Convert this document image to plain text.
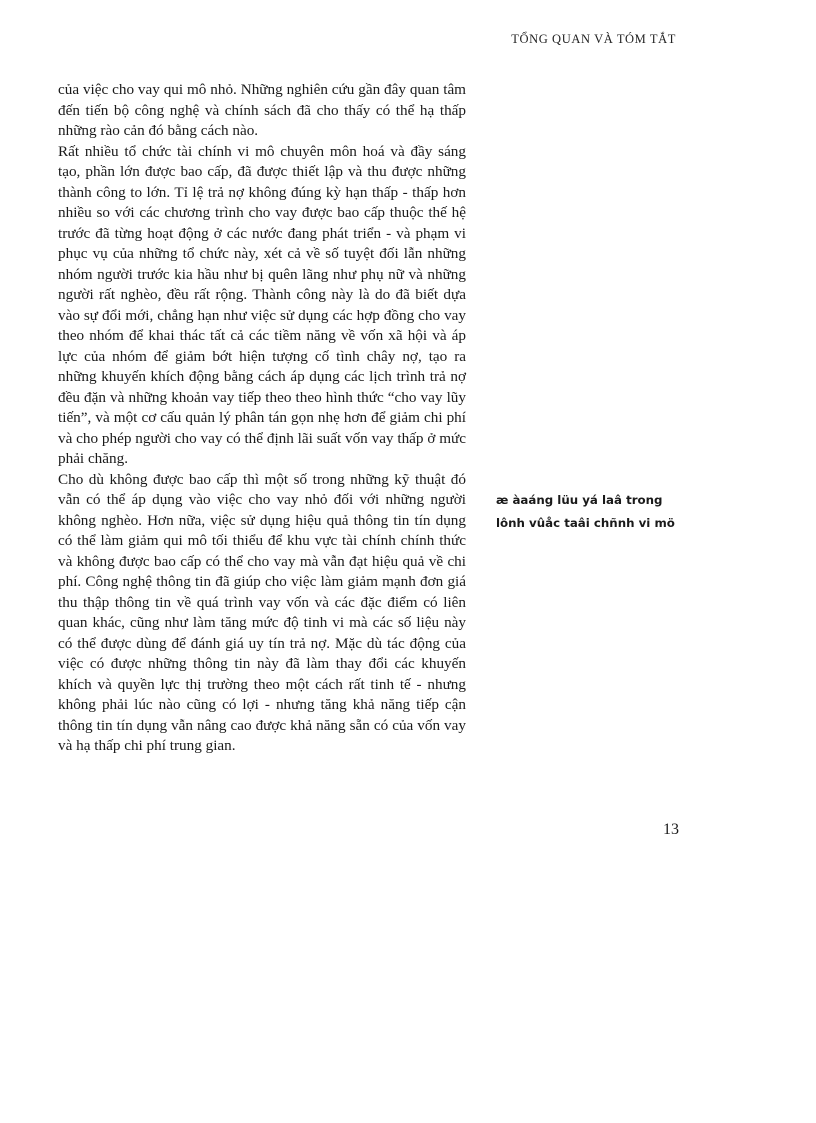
TỔNG QUAN VÀ TÓM TẮT

của việc cho vay qui mô nhỏ. Những nghiên cứu gần đây quan tâm đến tiến bộ công nghệ và chính sách đã cho thấy có thể hạ thấp những rào cản đó bằng cách nào.

Rất nhiều tổ chức tài chính vi mô chuyên môn hoá và đầy sáng tạo, phần lớn được bao cấp, đã được thiết lập và thu được những thành công to lớn. Tỉ lệ trả nợ không đúng kỳ hạn thấp - thấp hơn nhiều so với các chương trình cho vay được bao cấp thuộc thế hệ trước đã từng hoạt động ở các nước đang phát triển - và phạm vi phục vụ của những tổ chức này, xét cả về số tuyệt đối lẫn những nhóm người trước kia hầu như bị quên lãng như phụ nữ và những người rất nghèo, đều rất rộng. Thành công này là do đã biết dựa vào sự đổi mới, chẳng hạn như việc sử dụng các hợp đồng cho vay theo nhóm để khai thác tất cả các tiềm năng về vốn xã hội và áp lực của nhóm để giảm bớt hiện tượng cố tình chây nợ, tạo ra những khuyến khích động bằng cách áp dụng các lịch trình trả nợ đều đặn và những khoản vay tiếp theo theo hình thức “cho vay lũy tiến”, và một cơ cấu quản lý phân tán gọn nhẹ hơn để giảm chi phí và cho phép người cho vay có thể định lãi suất vốn vay thấp ở mức phải chăng.

Cho dù không được bao cấp thì một số trong những kỹ thuật đó vẫn có thể áp dụng vào việc cho vay nhỏ đối với những người không nghèo. Hơn nữa, việc sử dụng hiệu quả thông tin tín dụng có thể làm giảm qui mô tối thiểu để khu vực tài chính chính thức và không được bao cấp có thể cho vay mà vẫn đạt hiệu quả về chi phí. Công nghệ thông tin đã giúp cho việc làm giảm mạnh đơn giá thu thập thông tin về quá trình vay vốn và các đặc điểm có liên quan khác, cũng như làm tăng mức độ tinh vi mà các số liệu này có thể được dùng để đánh giá uy tín trả nợ. Mặc dù tác động của việc có được những thông tin này đã làm thay đổi các khuyến khích và quyền lực thị trường theo một cách rất tinh tế - nhưng không phải lúc nào cũng có lợi - nhưng tăng khả năng tiếp cận thông tin tín dụng vẫn nâng cao được khả năng sẵn có của vốn vay và hạ thấp chi phí trung gian.

æ àaáng lüu yá laâ trong
lônh vûåc taâi chñnh vi mö
13
